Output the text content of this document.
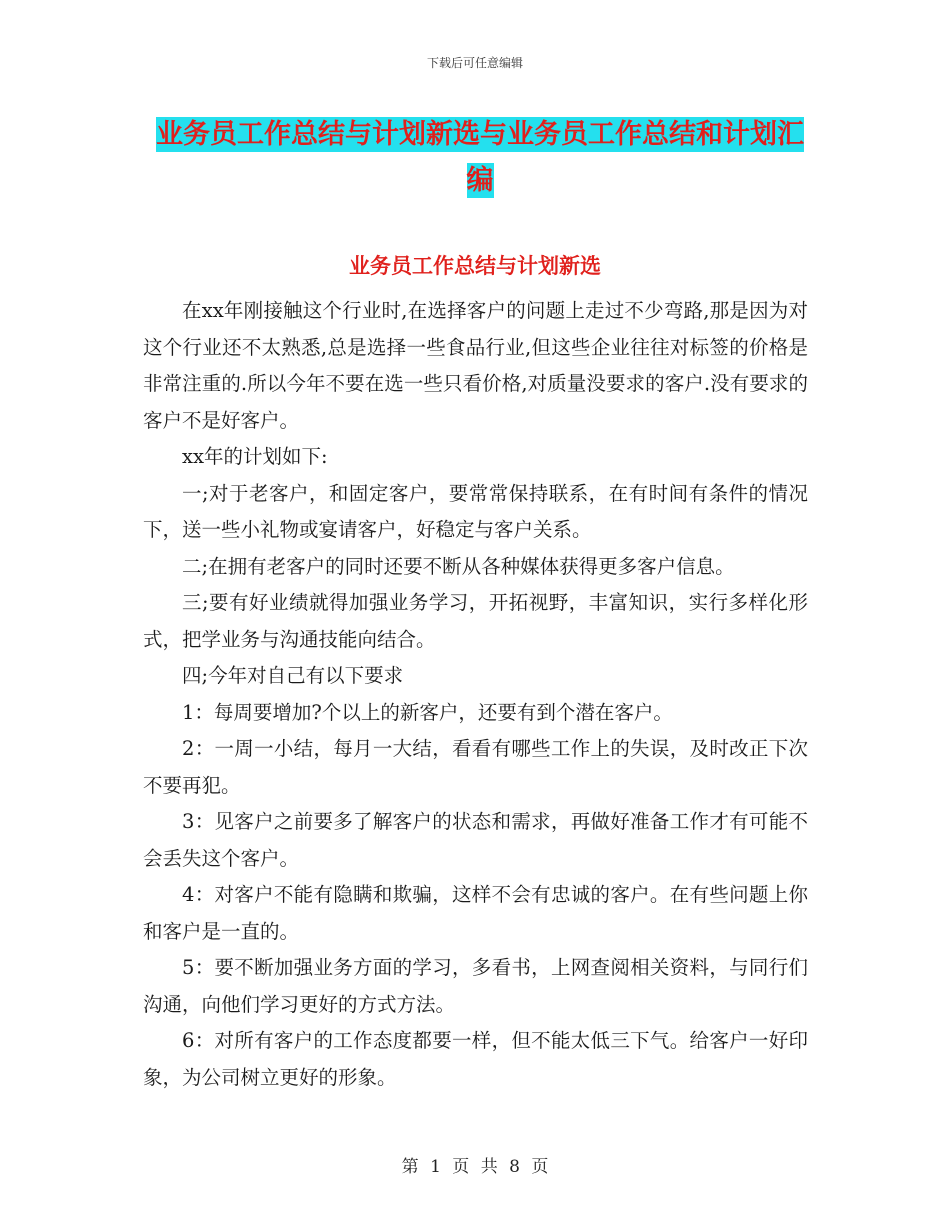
下载后可任意编辑
业务员工作总结与计划新选与业务员工作总结和计划汇编
业务员工作总结与计划新选

在xx年刚接触这个行业时,在选择客户的问题上走过不少弯路,那是因为对这个行业还不太熟悉,总是选择一些食品行业,但这些企业往往对标签的价格是非常注重的.所以今年不要在选一些只看价格,对质量没要求的客户.没有要求的客户不是好客户。

xx年的计划如下:

一;对于老客户，和固定客户，要常常保持联系，在有时间有条件的情况下，送一些小礼物或宴请客户，好稳定与客户关系。

二;在拥有老客户的同时还要不断从各种媒体获得更多客户信息。

三;要有好业绩就得加强业务学习，开拓视野，丰富知识，实行多样化形式，把学业务与沟通技能向结合。

四;今年对自己有以下要求

1：每周要增加?个以上的新客户，还要有到个潜在客户。

2：一周一小结，每月一大结，看看有哪些工作上的失误，及时改正下次不要再犯。

3：见客户之前要多了解客户的状态和需求，再做好准备工作才有可能不会丢失这个客户。

4：对客户不能有隐瞒和欺骗，这样不会有忠诚的客户。在有些问题上你和客户是一直的。

5：要不断加强业务方面的学习，多看书，上网查阅相关资料，与同行们沟通，向他们学习更好的方式方法。

6：对所有客户的工作态度都要一样，但不能太低三下气。给客户一好印象，为公司树立更好的形象。

第 1 页 共 8 页
